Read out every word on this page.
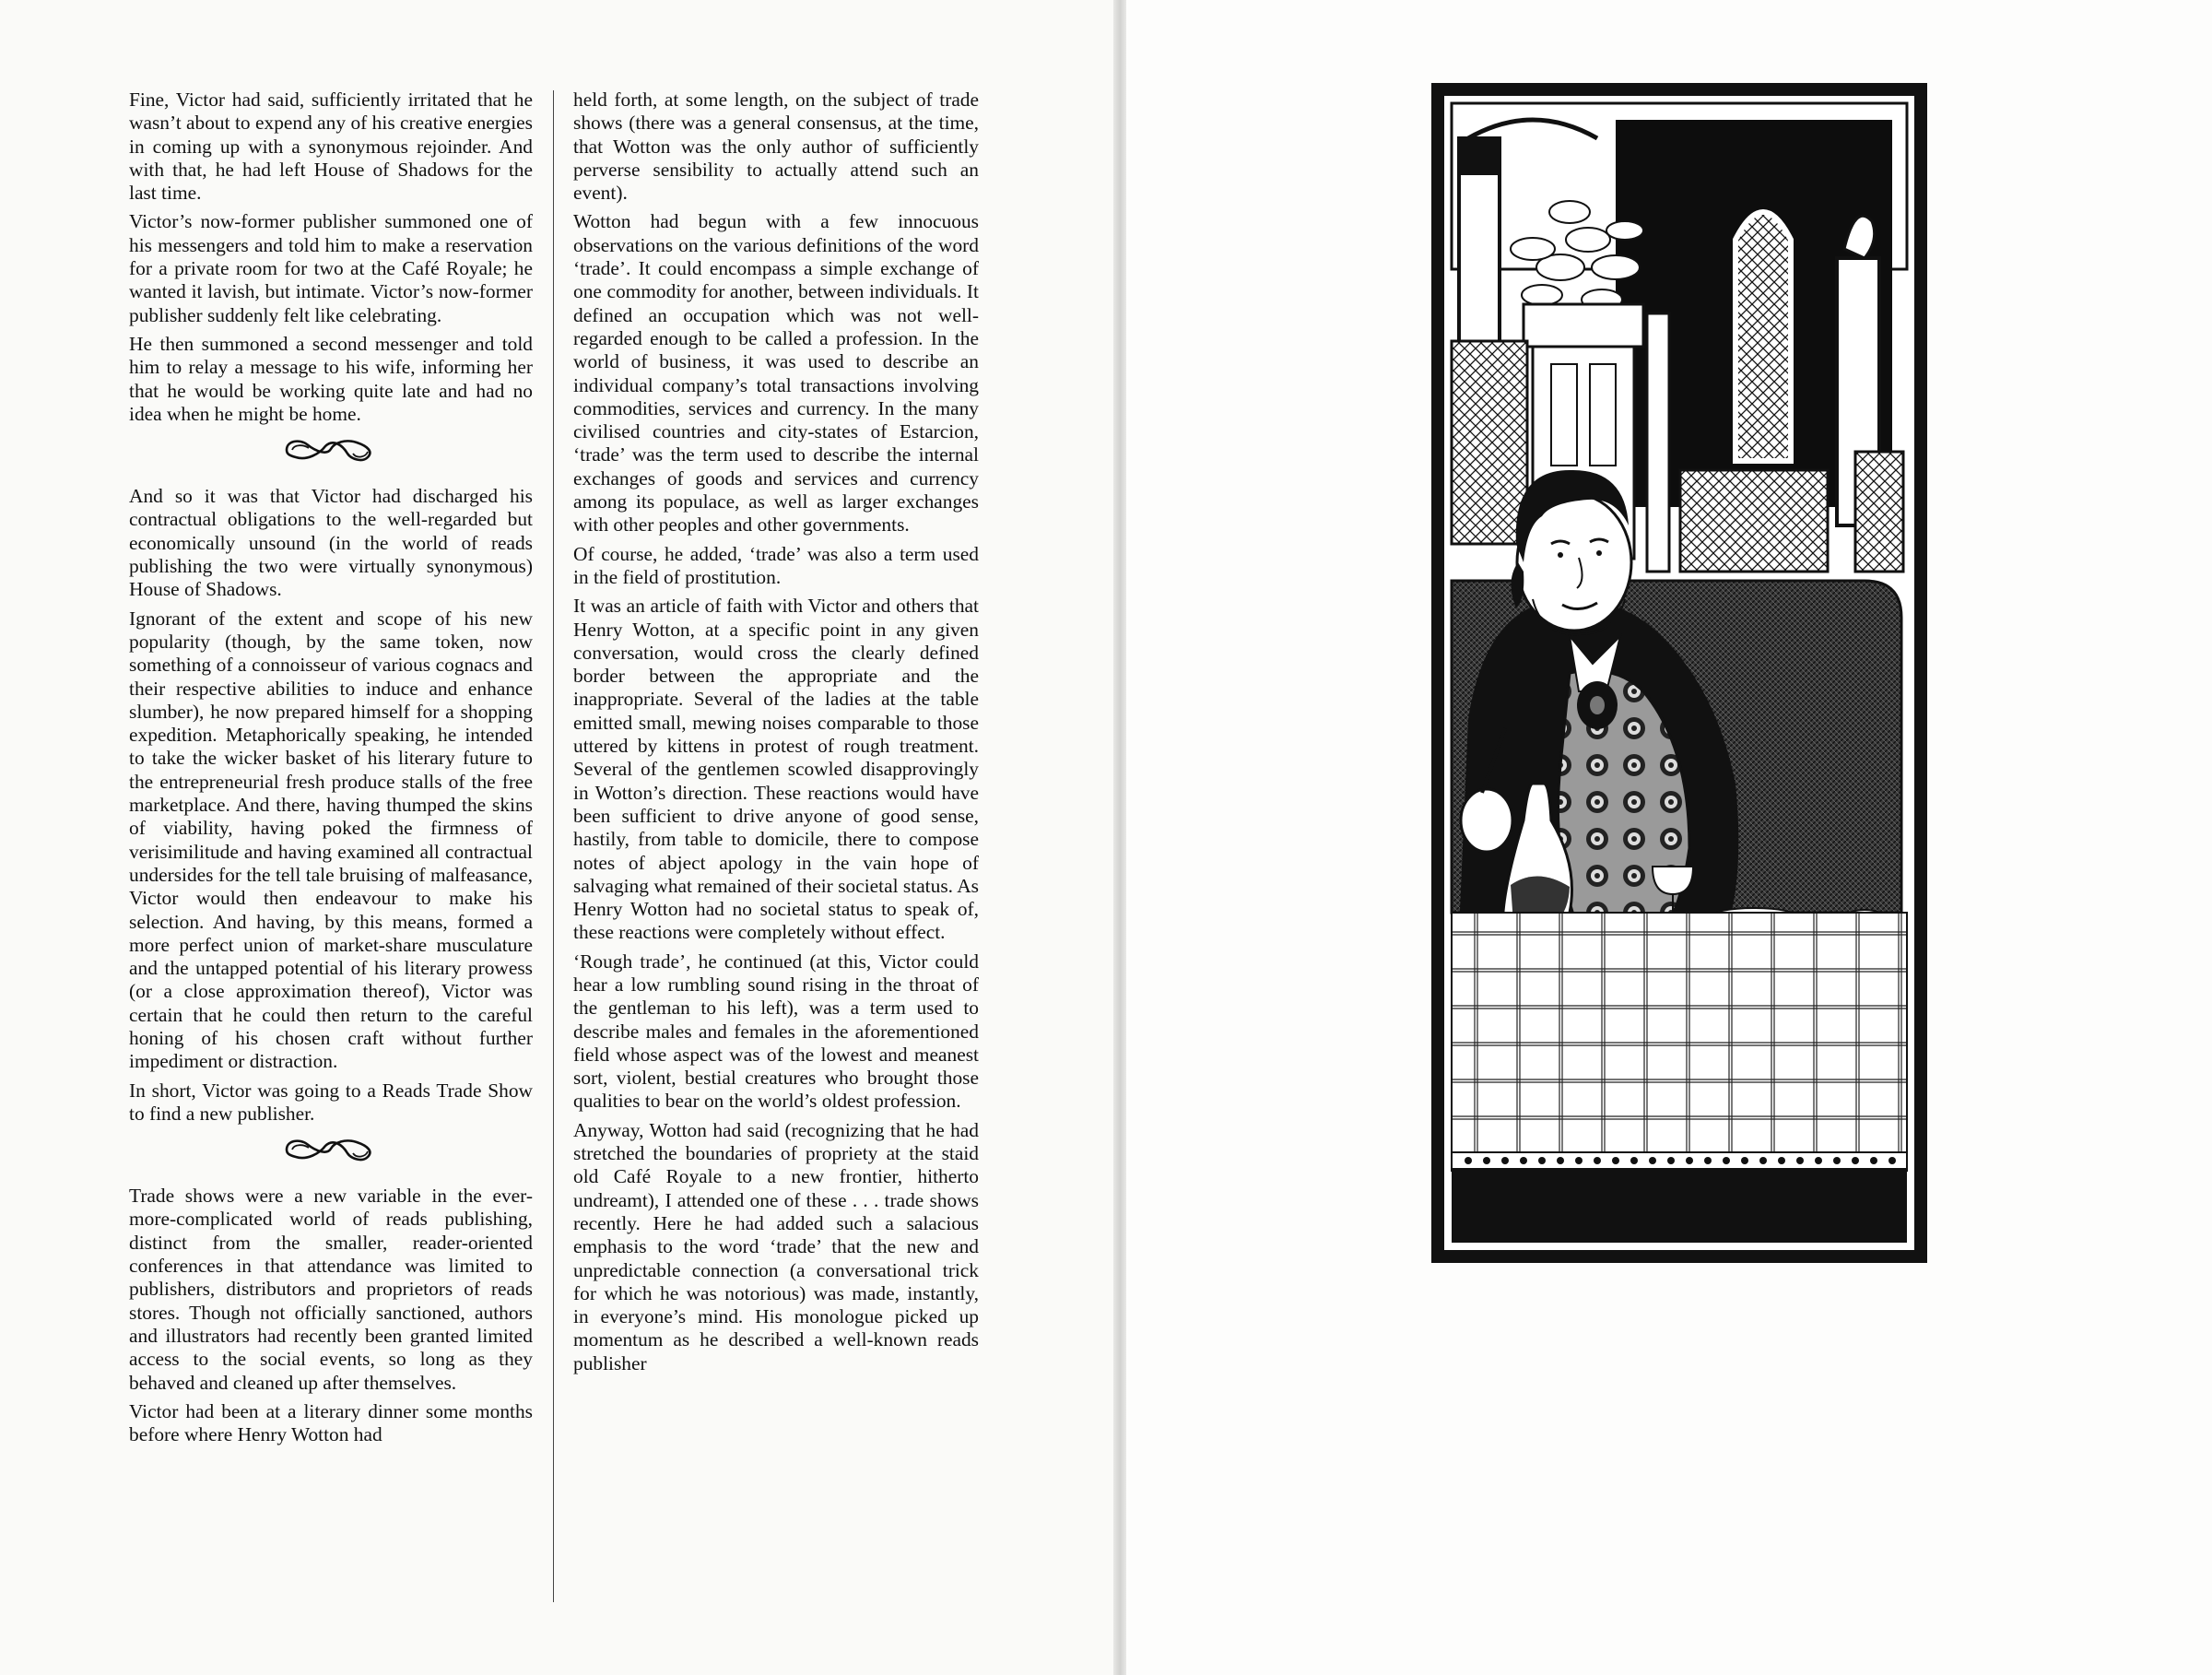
Fine, Victor had said, sufficiently irritated that he wasn’t about to expend any of his creative energies in coming up with a synonymous rejoinder. And with that, he had left House of Shadows for the last time.

Victor’s now-former publisher summoned one of his messengers and told him to make a reservation for a private room for two at the Café Royale; he wanted it lavish, but intimate. Victor’s now-former publisher suddenly felt like celebrating.

He then summoned a second messenger and told him to relay a message to his wife, informing her that he would be working quite late and had no idea when he might be home.

And so it was that Victor had discharged his contractual obligations to the well-regarded but economically unsound (in the world of reads publishing the two were virtually synonymous) House of Shadows.

Ignorant of the extent and scope of his new popularity (though, by the same token, now something of a connoisseur of various cognacs and their respective abilities to induce and enhance slumber), he now prepared himself for a shopping expedition. Metaphorically speaking, he intended to take the wicker basket of his literary future to the entrepreneurial fresh produce stalls of the free marketplace. And there, having thumped the skins of viability, having poked the firmness of verisimilitude and having examined all contractual undersides for the tell tale bruising of malfeasance, Victor would then endeavour to make his selection. And having, by this means, formed a more perfect union of market-share musculature and the untapped potential of his literary prowess (or a close approximation thereof), Victor was certain that he could then return to the careful honing of his chosen craft without further impediment or distraction.

In short, Victor was going to a Reads Trade Show to find a new publisher.

Trade shows were a new variable in the ever-more-complicated world of reads publishing, distinct from the smaller, reader-oriented conferences in that attendance was limited to publishers, distributors and proprietors of reads stores. Though not officially sanctioned, authors and illustrators had recently been granted limited access to the social events, so long as they behaved and cleaned up after themselves.

Victor had been at a literary dinner some months before where Henry Wotton had

held forth, at some length, on the subject of trade shows (there was a general consensus, at the time, that Wotton was the only author of sufficiently perverse sensibility to actually attend such an event).

Wotton had begun with a few innocuous observations on the various definitions of the word ‘trade’. It could encompass a simple exchange of one commodity for another, between individuals. It defined an occupation which was not well-regarded enough to be called a profession. In the world of business, it was used to describe an individual company’s total transactions involving commodities, services and currency. In the many civilised countries and city-states of Estarcion, ‘trade’ was the term used to describe the internal exchanges of goods and services and currency among its populace, as well as larger exchanges with other peoples and other governments.

Of course, he added, ‘trade’ was also a term used in the field of prostitution.

It was an article of faith with Victor and others that Henry Wotton, at a specific point in any given conversation, would cross the clearly defined border between the appropriate and the inappropriate. Several of the ladies at the table emitted small, mewing noises comparable to those uttered by kittens in protest of rough treatment. Several of the gentlemen scowled disapprovingly in Wotton’s direction. These reactions would have been sufficient to drive anyone of good sense, hastily, from table to domicile, there to compose notes of abject apology in the vain hope of salvaging what remained of their societal status. As Henry Wotton had no societal status to speak of, these reactions were completely without effect.

‘Rough trade’, he continued (at this, Victor could hear a low rumbling sound rising in the throat of the gentleman to his left), was a term used to describe males and females in the aforementioned field whose aspect was of the lowest and meanest sort, violent, bestial creatures who brought those qualities to bear on the world’s oldest profession.

Anyway, Wotton had said (recognizing that he had stretched the boundaries of propriety at the staid old Café Royale to a new frontier, hitherto undreamt), I attended one of these . . . trade shows recently. Here he had added such a salacious emphasis to the word ‘trade’ that the new and unpredictable connection (a conversational trick for which he was notorious) was made, instantly, in everyone’s mind. His monologue picked up momentum as he described a well-known reads publisher
